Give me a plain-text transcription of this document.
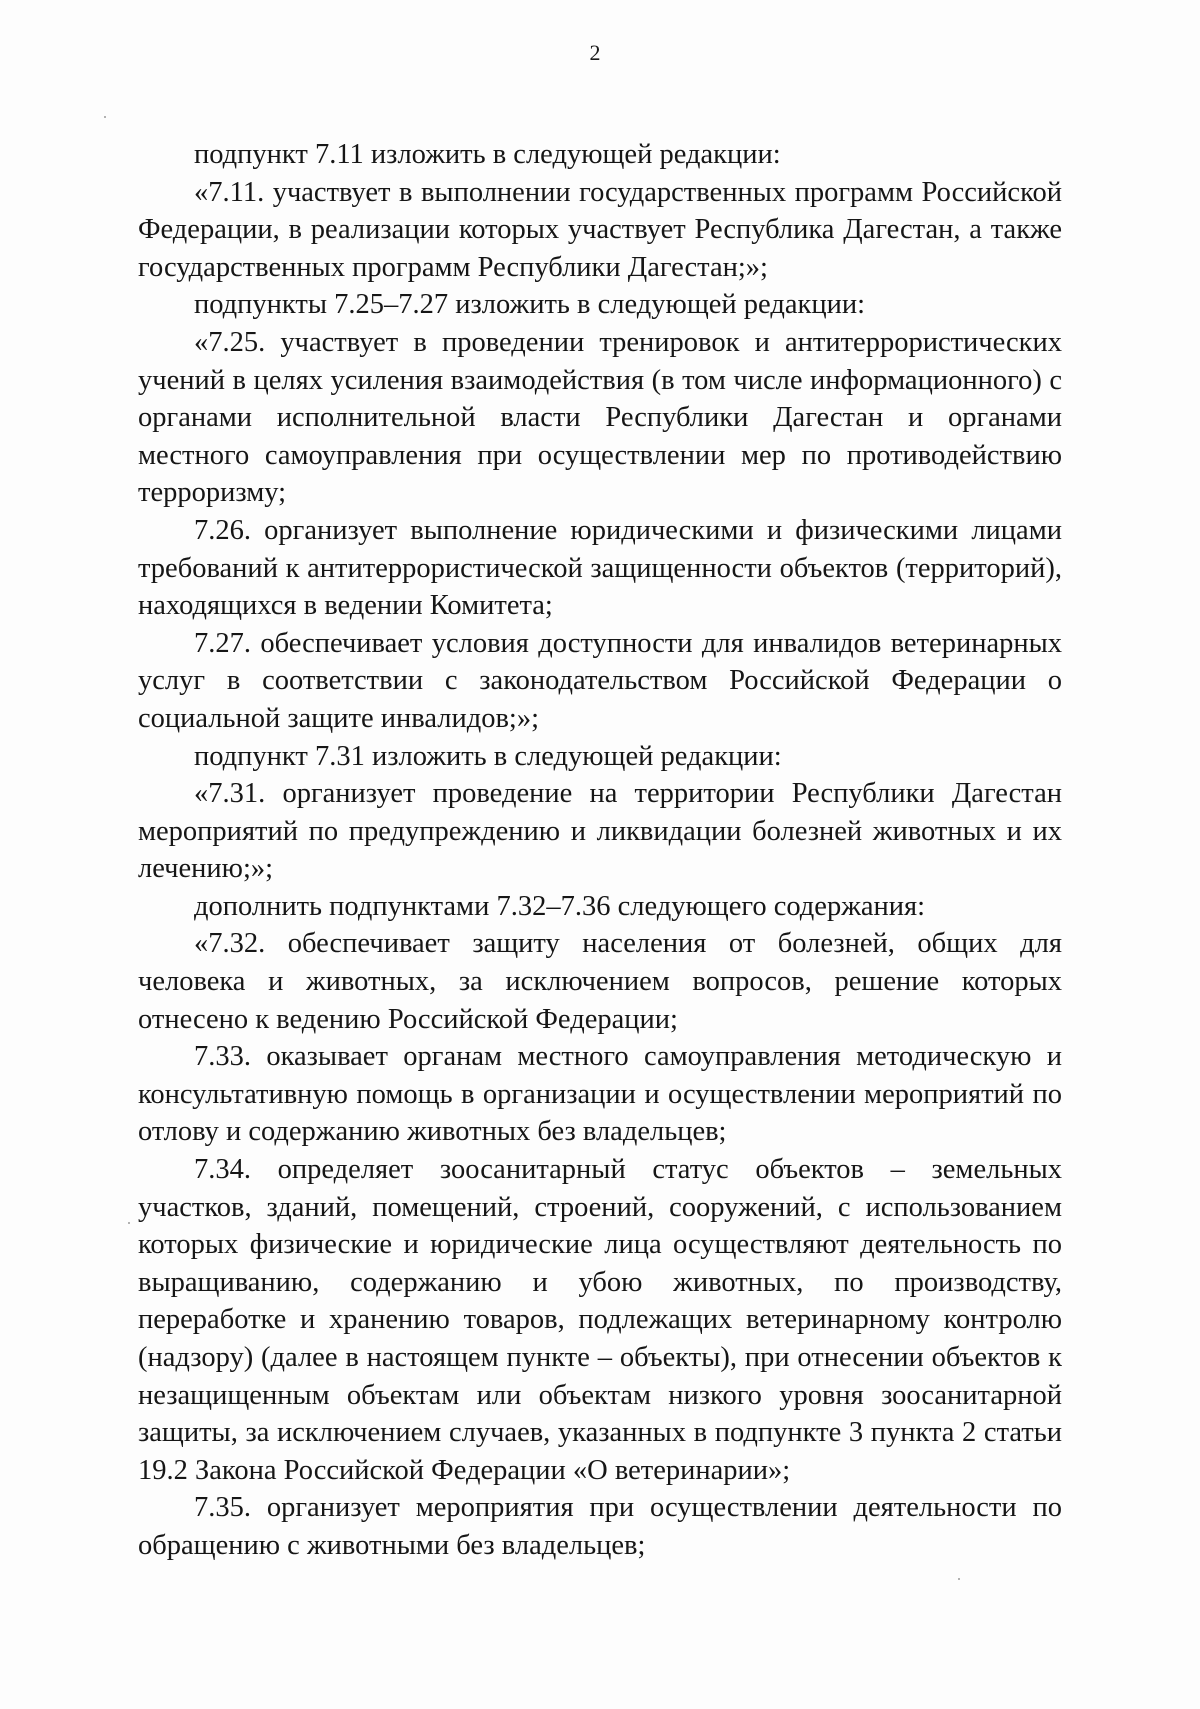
2

подпункт 7.11 изложить в следующей редакции:

«7.11. участвует в выполнении государственных программ Российской Федерации, в реализации которых участвует Республика Дагестан, а также государственных программ Республики Дагестан;»;

подпункты 7.25–7.27 изложить в следующей редакции:

«7.25. участвует в проведении тренировок и антитеррористических учений в целях усиления взаимодействия (в том числе информационного) с органами исполнительной власти Республики Дагестан и органами местного самоуправления при осуществлении мер по противодействию терроризму;

7.26. организует выполнение юридическими и физическими лицами требований к антитеррористической защищенности объектов (территорий), находящихся в ведении Комитета;

7.27. обеспечивает условия доступности для инвалидов ветеринарных услуг в соответствии с законодательством Российской Федерации о социальной защите инвалидов;»;

подпункт 7.31 изложить в следующей редакции:

«7.31. организует проведение на территории Республики Дагестан мероприятий по предупреждению и ликвидации болезней животных и их лечению;»;

дополнить подпунктами 7.32–7.36 следующего содержания:

«7.32. обеспечивает защиту населения от болезней, общих для человека и животных, за исключением вопросов, решение которых отнесено к ведению Российской Федерации;

7.33. оказывает органам местного самоуправления методическую и консультативную помощь в организации и осуществлении мероприятий по отлову и содержанию животных без владельцев;

7.34. определяет зоосанитарный статус объектов – земельных участков, зданий, помещений, строений, сооружений, с использованием которых физические и юридические лица осуществляют деятельность по выращиванию, содержанию и убою животных, по производству, переработке и хранению товаров, подлежащих ветеринарному контролю (надзору) (далее в настоящем пункте – объекты), при отнесении объектов к незащищенным объектам или объектам низкого уровня зоосанитарной защиты, за исключением случаев, указанных в подпункте 3 пункта 2 статьи 19.2 Закона Российской Федерации «О ветеринарии»;

7.35. организует мероприятия при осуществлении деятельности по обращению с животными без владельцев;
